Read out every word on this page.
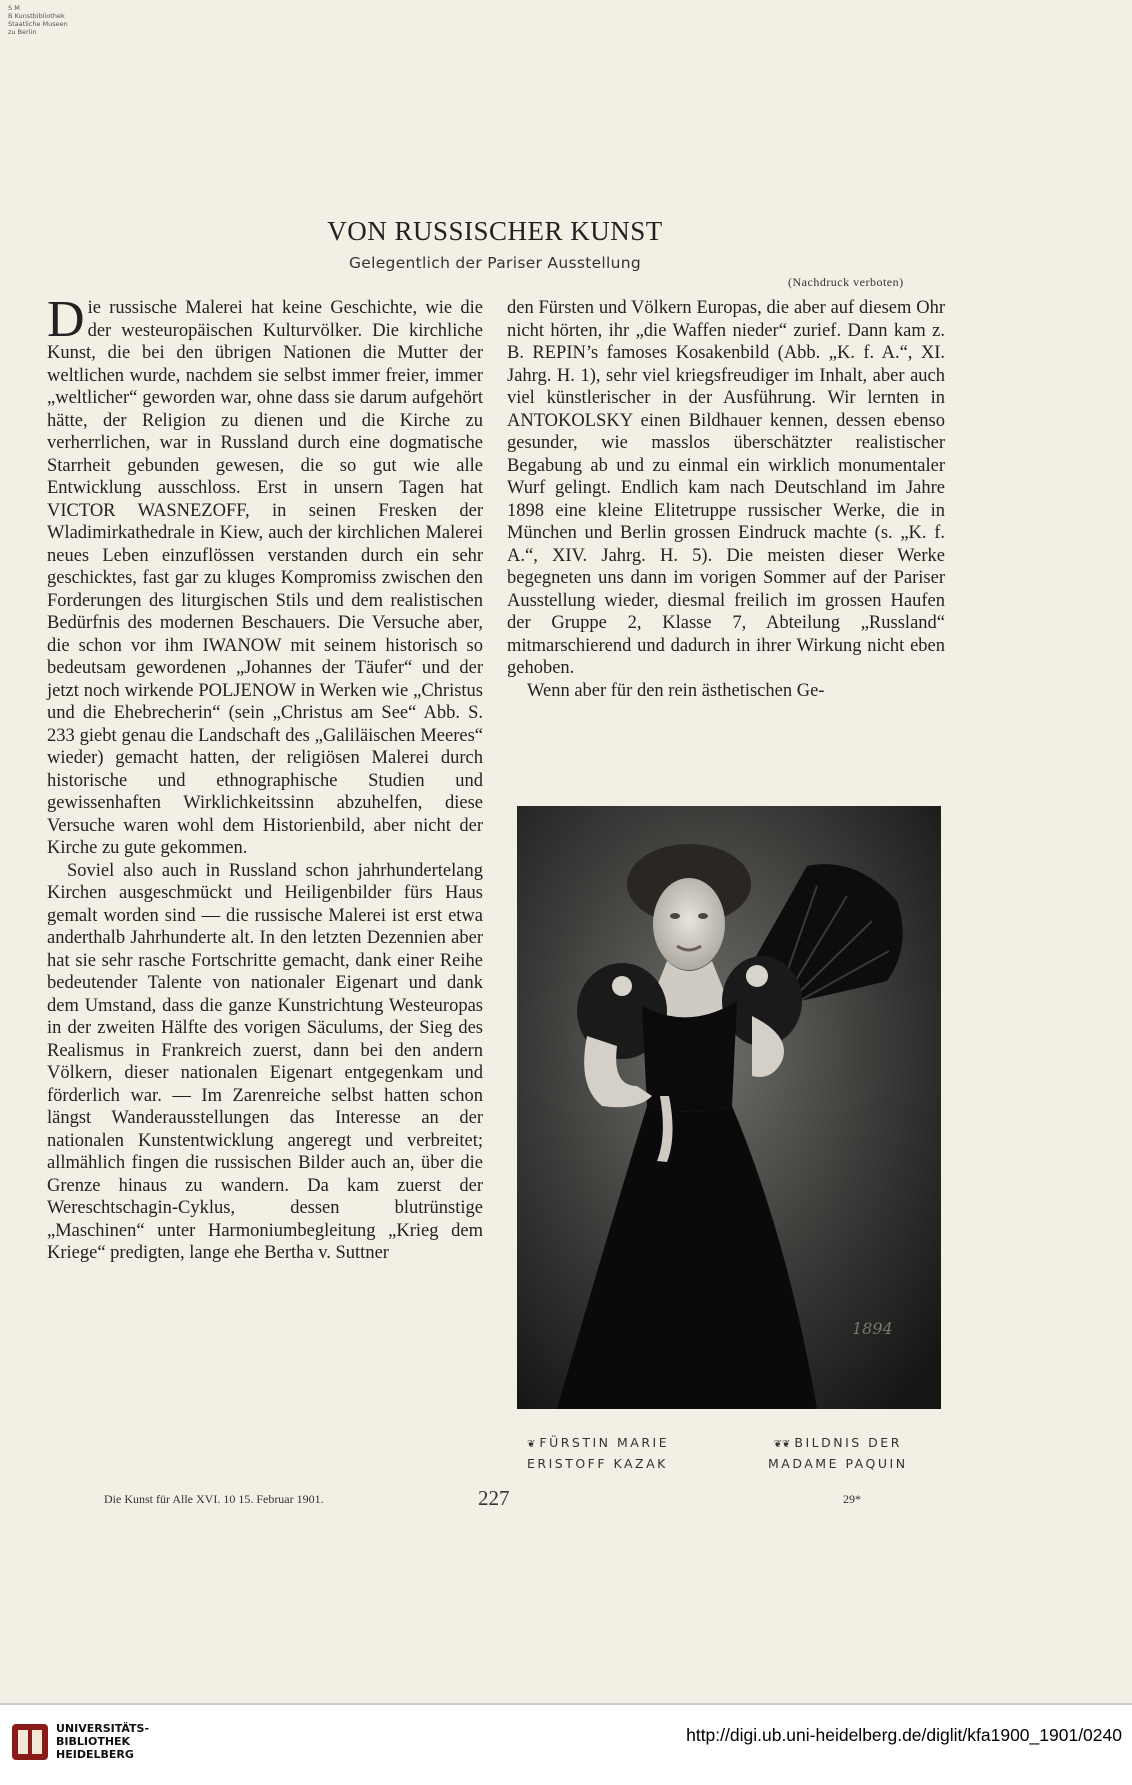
S M
B Kunstbibliothek
Staatliche Museen
zu Berlin
VON RUSSISCHER KUNST
Gelegentlich der Pariser Ausstellung
(Nachdruck verboten)

Die russische Malerei hat keine Geschichte, wie die der westeuropäischen Kulturvölker. Die kirchliche Kunst, die bei den übrigen Nationen die Mutter der weltlichen wurde, nachdem sie selbst immer freier, immer „weltlicher“ geworden war, ohne dass sie darum aufgehört hätte, der Religion zu dienen und die Kirche zu verherrlichen, war in Russland durch eine dogmatische Starrheit gebunden gewesen, die so gut wie alle Entwicklung ausschloss. Erst in unsern Tagen hat VICTOR WASNEZOFF, in seinen Fresken der Wladimirkathedrale in Kiew, auch der kirchlichen Malerei neues Leben einzuflössen verstanden durch ein sehr geschicktes, fast gar zu kluges Kompromiss zwischen den Forderungen des liturgischen Stils und dem realistischen Bedürfnis des modernen Beschauers. Die Versuche aber, die schon vor ihm IWANOW mit seinem historisch so bedeutsam gewordenen „Johannes der Täufer“ und der jetzt noch wirkende POLJENOW in Werken wie „Christus und die Ehebrecherin“ (sein „Christus am See“ Abb. S. 233 giebt genau die Landschaft des „Galiläischen Meeres“ wieder) gemacht hatten, der religiösen Malerei durch historische und ethnographische Studien und gewissenhaften Wirklichkeitssinn abzuhelfen, diese Versuche waren wohl dem Historienbild, aber nicht der Kirche zu gute gekommen.

Soviel also auch in Russland schon jahrhundertelang Kirchen ausgeschmückt und Heiligenbilder fürs Haus gemalt worden sind — die russische Malerei ist erst etwa anderthalb Jahrhunderte alt. In den letzten Dezennien aber hat sie sehr rasche Fortschritte gemacht, dank einer Reihe bedeutender Talente von nationaler Eigenart und dank dem Umstand, dass die ganze Kunstrichtung Westeuropas in der zweiten Hälfte des vorigen Säculums, der Sieg des Realismus in Frankreich zuerst, dann bei den andern Völkern, dieser nationalen Eigenart entgegenkam und förderlich war. — Im Zarenreiche selbst hatten schon längst Wanderausstellungen das Interesse an der nationalen Kunstentwicklung angeregt und verbreitet; allmählich fingen die russischen Bilder auch an, über die Grenze hinaus zu wandern. Da kam zuerst der Wereschtschagin-Cyklus, dessen blutrünstige „Maschinen“ unter Harmoniumbegleitung „Krieg dem Kriege“ predigten, lange ehe Bertha v. Suttner

den Fürsten und Völkern Europas, die aber auf diesem Ohr nicht hörten, ihr „die Waffen nieder“ zurief. Dann kam z. B. REPIN’s famoses Kosakenbild (Abb. „K. f. A.“, XI. Jahrg. H. 1), sehr viel kriegsfreudiger im Inhalt, aber auch viel künstlerischer in der Ausführung. Wir lernten in ANTOKOLSKY einen Bildhauer kennen, dessen ebenso gesunder, wie masslos überschätzter realistischer Begabung ab und zu einmal ein wirklich monumentaler Wurf gelingt. Endlich kam nach Deutschland im Jahre 1898 eine kleine Elitetruppe russischer Werke, die in München und Berlin grossen Eindruck machte (s. „K. f. A.“, XIV. Jahrg. H. 5). Die meisten dieser Werke begegneten uns dann im vorigen Sommer auf der Pariser Ausstellung wieder, diesmal freilich im grossen Haufen der Gruppe 2, Klasse 7, Abteilung „Russland“ mitmarschierend und dadurch in ihrer Wirkung nicht eben gehoben.

Wenn aber für den rein ästhetischen Ge-

1894
❦ FÜRSTIN MARIE
ERISTOFF KAZAK
❦❦ BILDNIS DER
MADAME PAQUIN
Die Kunst für Alle XVI. 10 15. Februar 1901.	227	29*
UNIVERSITÄTS-
BIBLIOTHEK
HEIDELBERG
http://digi.ub.uni-heidelberg.de/diglit/kfa1900_1901/0240
